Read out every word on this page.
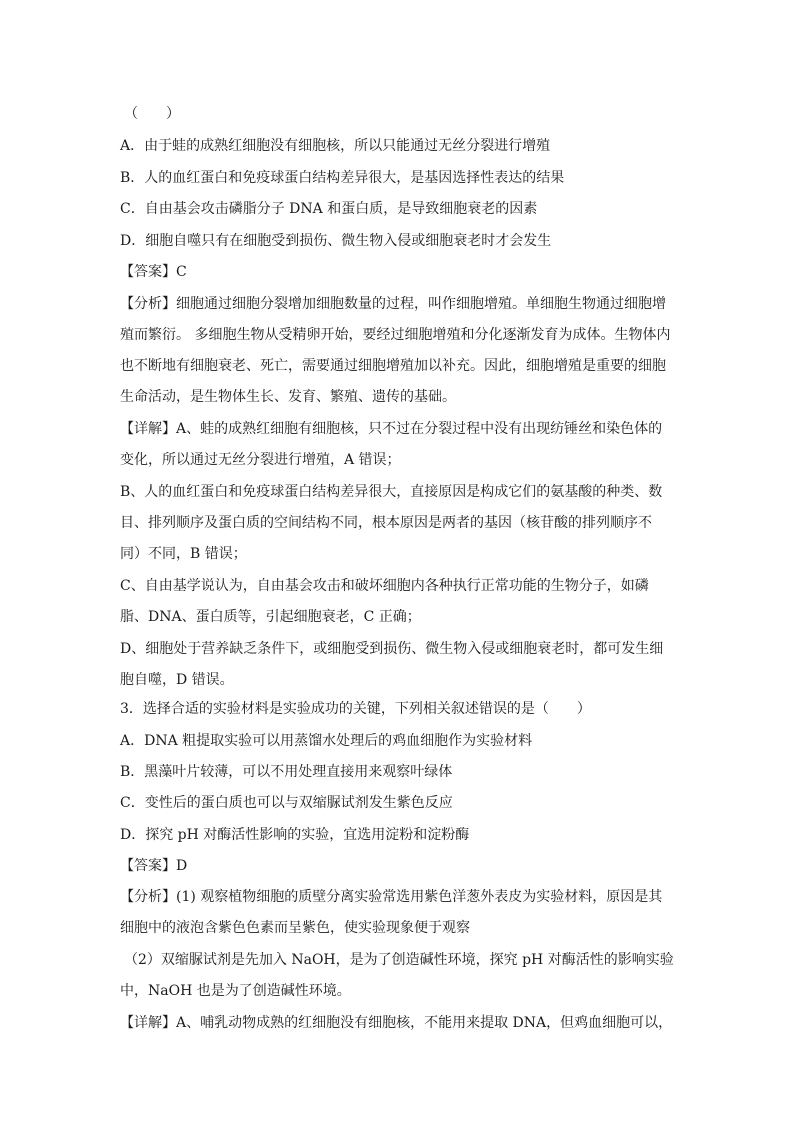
（　　）
A．由于蛙的成熟红细胞没有细胞核，所以只能通过无丝分裂进行增殖
B．人的血红蛋白和免疫球蛋白结构差异很大，是基因选择性表达的结果
C．自由基会攻击磷脂分子 DNA 和蛋白质，是导致细胞衰老的因素
D．细胞自噬只有在细胞受到损伤、微生物入侵或细胞衰老时才会发生
【答案】C
【分析】细胞通过细胞分裂增加细胞数量的过程，叫作细胞增殖。单细胞生物通过细胞增
殖而繁衍。 多细胞生物从受精卵开始，要经过细胞增殖和分化逐渐发育为成体。生物体内
也不断地有细胞衰老、死亡，需要通过细胞增殖加以补充。因此，细胞增殖是重要的细胞
生命活动，是生物体生长、发育、繁殖、遗传的基础。
【详解】A、蛙的成熟红细胞有细胞核，只不过在分裂过程中没有出现纺锤丝和染色体的
变化，所以通过无丝分裂进行增殖，A 错误；
B、人的血红蛋白和免疫球蛋白结构差异很大，直接原因是构成它们的氨基酸的种类、数
目、排列顺序及蛋白质的空间结构不同，根本原因是两者的基因（核苷酸的排列顺序不
同）不同，B 错误；
C、自由基学说认为，自由基会攻击和破坏细胞内各种执行正常功能的生物分子，如磷
脂、DNA、蛋白质等，引起细胞衰老，C 正确；
D、细胞处于营养缺乏条件下，或细胞受到损伤、微生物入侵或细胞衰老时，都可发生细
胞自噬，D 错误。
3．选择合适的实验材料是实验成功的关键，下列相关叙述错误的是（　　）
A．DNA 粗提取实验可以用蒸馏水处理后的鸡血细胞作为实验材料
B．黑藻叶片较薄，可以不用处理直接用来观察叶绿体
C．变性后的蛋白质也可以与双缩脲试剂发生紫色反应
D．探究 pH 对酶活性影响的实验，宜选用淀粉和淀粉酶
【答案】D
【分析】(1) 观察植物细胞的质壁分离实验常选用紫色洋葱外表皮为实验材料，原因是其
细胞中的液泡含紫色色素而呈紫色，使实验现象便于观察
（2）双缩脲试剂是先加入 NaOH，是为了创造碱性环境，探究 pH 对酶活性的影响实验
中，NaOH 也是为了创造碱性环境。
【详解】A、哺乳动物成熟的红细胞没有细胞核，不能用来提取 DNA，但鸡血细胞可以，
